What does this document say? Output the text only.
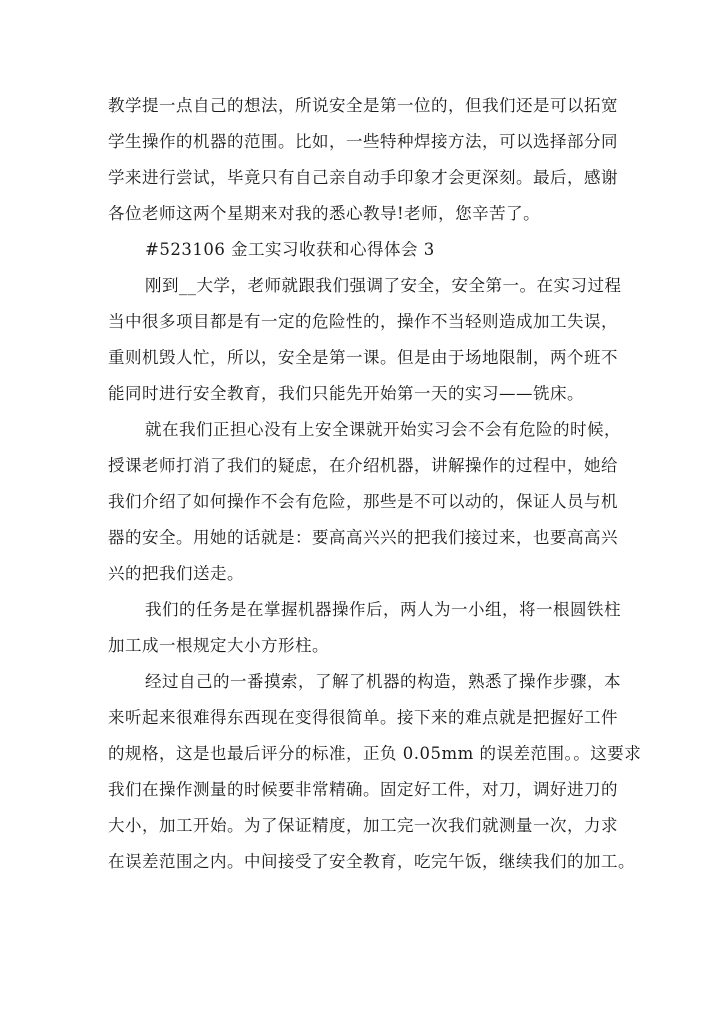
教学提一点自己的想法，所说安全是第一位的，但我们还是可以拓宽
学生操作的机器的范围。比如，一些特种焊接方法，可以选择部分同
学来进行尝试，毕竟只有自己亲自动手印象才会更深刻。最后，感谢
各位老师这两个星期来对我的悉心教导!老师，您辛苦了。
#523106 金工实习收获和心得体会 3
刚到__大学，老师就跟我们强调了安全，安全第一。在实习过程
当中很多项目都是有一定的危险性的，操作不当轻则造成加工失误，
重则机毁人忙，所以，安全是第一课。但是由于场地限制，两个班不
能同时进行安全教育，我们只能先开始第一天的实习——铣床。
就在我们正担心没有上安全课就开始实习会不会有危险的时候，
授课老师打消了我们的疑虑，在介绍机器，讲解操作的过程中，她给
我们介绍了如何操作不会有危险，那些是不可以动的，保证人员与机
器的安全。用她的话就是：要高高兴兴的把我们接过来，也要高高兴
兴的把我们送走。
我们的任务是在掌握机器操作后，两人为一小组，将一根圆铁柱
加工成一根规定大小方形柱。
经过自己的一番摸索，了解了机器的构造，熟悉了操作步骤，本
来听起来很难得东西现在变得很简单。接下来的难点就是把握好工件
的规格，这是也最后评分的标准，正负 0.05mm 的误差范围。。这要求
我们在操作测量的时候要非常精确。固定好工件，对刀，调好进刀的
大小，加工开始。为了保证精度，加工完一次我们就测量一次，力求
在误差范围之内。中间接受了安全教育，吃完午饭，继续我们的加工。
